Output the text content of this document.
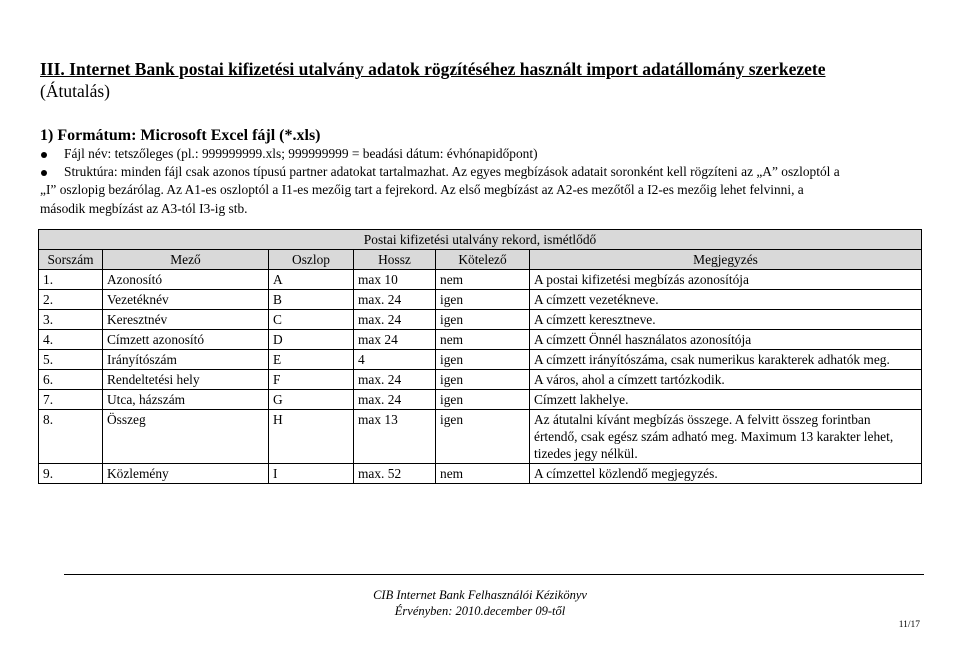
III. Internet Bank postai kifizetési utalvány adatok rögzítéséhez használt import adatállomány szerkezete
(Átutalás)
1) Formátum: Microsoft Excel fájl (*.xls)
Fájl név: tetszőleges (pl.: 999999999.xls; 999999999 = beadási dátum: évhónapidőpont)
Struktúra: minden fájl csak azonos típusú partner adatokat tartalmazhat. Az egyes megbízások adatait soronként kell rögzíteni az „A” oszloptól a
„I” oszlopig bezárólag. Az A1-es oszloptól a I1-es mezőig tart a fejrekord. Az első megbízást az A2-es mezőtől a I2-es mezőig lehet felvinni, a
második megbízást az A3-tól I3-ig stb.
Postai kifizetési utalvány rekord, ismétlődő					
Sorszám	Mező	Oszlop	Hossz	Kötelező	Megjegyzés
1.	Azonosító	A	max 10	nem	A postai kifizetési megbízás azonosítója
2.	Vezetéknév	B	max. 24	igen	A címzett vezetékneve.
3.	Keresztnév	C	max. 24	igen	A címzett keresztneve.
4.	Címzett azonosító	D	max 24	nem	A címzett Önnél használatos azonosítója
5.	Irányítószám	E	4	igen	A címzett irányítószáma, csak numerikus karakterek adhatók meg.
6.	Rendeltetési hely	F	max. 24	igen	A város, ahol a címzett tartózkodik.
7.	Utca, házszám	G	max. 24	igen	Címzett lakhelye.
8.	Összeg	H	max 13	igen	Az átutalni kívánt megbízás összege. A felvitt összeg forintban értendő, csak egész szám adható meg. Maximum 13 karakter lehet, tizedes jegy nélkül.
9.	Közlemény	I	max. 52	nem	A címzettel közlendő megjegyzés.
CIB Internet Bank Felhasználói Kézikönyv
Érvényben: 2010.december 09-től
11/17
